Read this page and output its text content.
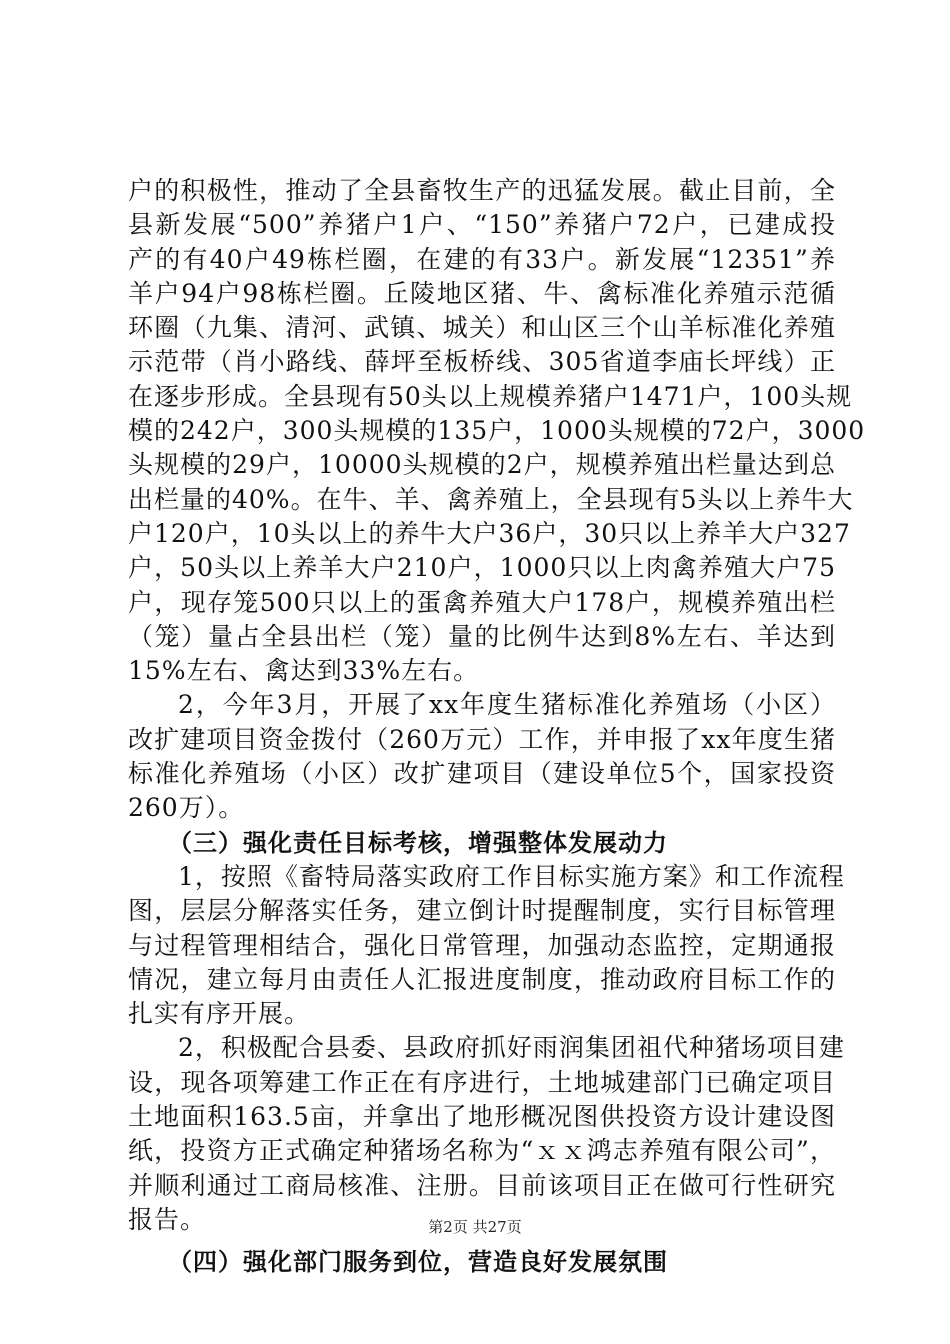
户的积极性，推动了全县畜牧生产的迅猛发展。截止目前，全
县新发展“500”养猪户1户、“150”养猪户72户，已建成投
产的有40户49栋栏圈，在建的有33户。新发展“12351”养
羊户94户98栋栏圈。丘陵地区猪、牛、禽标准化养殖示范循
环圈（九集、清河、武镇、城关）和山区三个山羊标准化养殖
示范带（肖小路线、薛坪至板桥线、305省道李庙长坪线）正
在逐步形成。全县现有50头以上规模养猪户1471户，100头规
模的242户，300头规模的135户，1000头规模的72户，3000
头规模的29户，10000头规模的2户，规模养殖出栏量达到总
出栏量的40%。在牛、羊、禽养殖上，全县现有5头以上养牛大
户120户，10头以上的养牛大户36户，30只以上养羊大户327
户，50头以上养羊大户210户，1000只以上肉禽养殖大户75
户，现存笼500只以上的蛋禽养殖大户178户，规模养殖出栏
（笼）量占全县出栏（笼）量的比例牛达到8%左右、羊达到
15%左右、禽达到33%左右。
2，今年3月，开展了xx年度生猪标准化养殖场（小区）
改扩建项目资金拨付（260万元）工作，并申报了xx年度生猪
标准化养殖场（小区）改扩建项目（建设单位5个，国家投资
260万）。
（三）强化责任目标考核，增强整体发展动力
1，按照《畜特局落实政府工作目标实施方案》和工作流程
图，层层分解落实任务，建立倒计时提醒制度，实行目标管理
与过程管理相结合，强化日常管理，加强动态监控，定期通报
情况，建立每月由责任人汇报进度制度，推动政府目标工作的
扎实有序开展。
2，积极配合县委、县政府抓好雨润集团祖代种猪场项目建
设，现各项筹建工作正在有序进行，土地城建部门已确定项目
土地面积163.5亩，并拿出了地形概况图供投资方设计建设图
纸，投资方正式确定种猪场名称为“ｘｘ鸿志养殖有限公司”，
并顺利通过工商局核准、注册。目前该项目正在做可行性研究
报告。
（四）强化部门服务到位，营造良好发展氛围
第2页 共27页
